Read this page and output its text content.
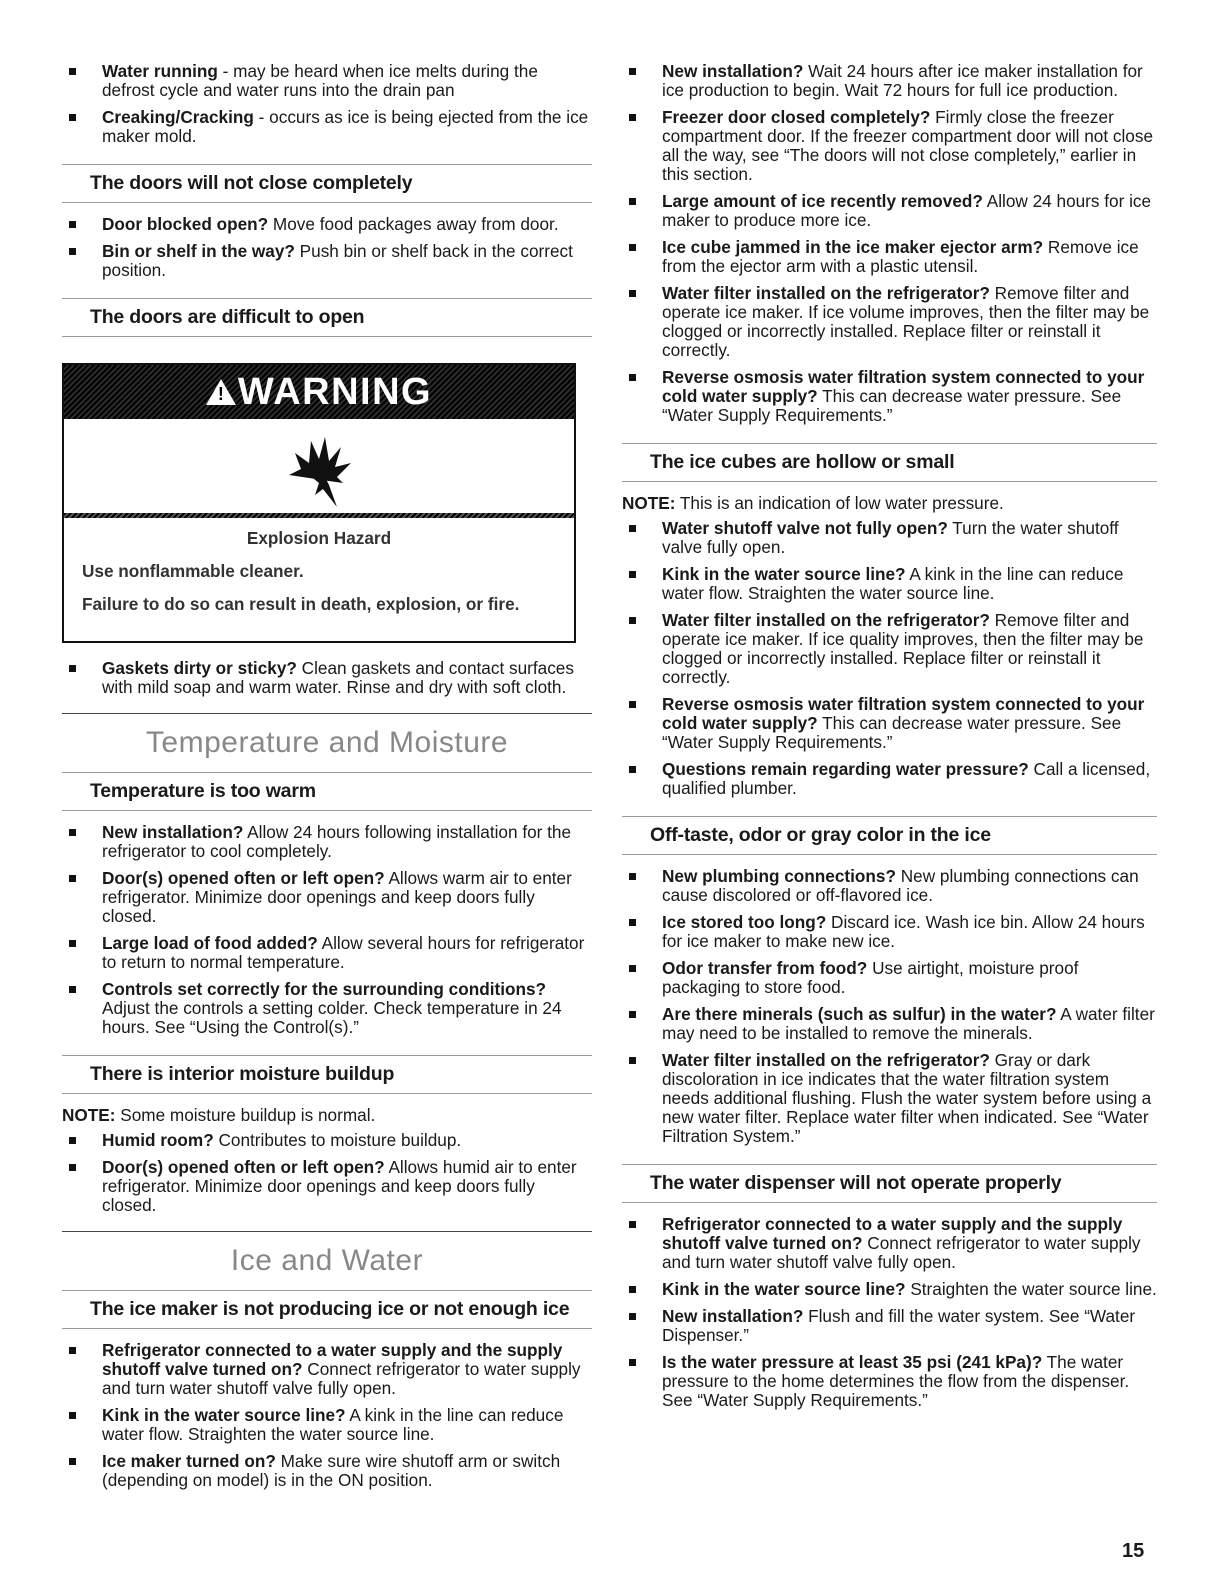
Water running - may be heard when ice melts during the defrost cycle and water runs into the drain pan
Creaking/Cracking - occurs as ice is being ejected from the ice maker mold.
The doors will not close completely
Door blocked open? Move food packages away from door.
Bin or shelf in the way? Push bin or shelf back in the correct position.
The doors are difficult to open
! WARNING

Explosion Hazard

Use nonflammable cleaner.

Failure to do so can result in death, explosion, or fire.

Gaskets dirty or sticky? Clean gaskets and contact surfaces with mild soap and warm water. Rinse and dry with soft cloth.
Temperature and Moisture
Temperature is too warm
New installation? Allow 24 hours following installation for the refrigerator to cool completely.
Door(s) opened often or left open? Allows warm air to enter refrigerator. Minimize door openings and keep doors fully closed.
Large load of food added? Allow several hours for refrigerator to return to normal temperature.
Controls set correctly for the surrounding conditions? Adjust the controls a setting colder. Check temperature in 24 hours. See “Using the Control(s).”
There is interior moisture buildup

NOTE: Some moisture buildup is normal.

Humid room? Contributes to moisture buildup.
Door(s) opened often or left open? Allows humid air to enter refrigerator. Minimize door openings and keep doors fully closed.
Ice and Water
The ice maker is not producing ice or not enough ice
Refrigerator connected to a water supply and the supply shutoff valve turned on? Connect refrigerator to water supply and turn water shutoff valve fully open.
Kink in the water source line? A kink in the line can reduce water flow. Straighten the water source line.
Ice maker turned on? Make sure wire shutoff arm or switch (depending on model) is in the ON position.
New installation? Wait 24 hours after ice maker installation for ice production to begin. Wait 72 hours for full ice production.
Freezer door closed completely? Firmly close the freezer compartment door. If the freezer compartment door will not close all the way, see “The doors will not close completely,” earlier in this section.
Large amount of ice recently removed? Allow 24 hours for ice maker to produce more ice.
Ice cube jammed in the ice maker ejector arm? Remove ice from the ejector arm with a plastic utensil.
Water filter installed on the refrigerator? Remove filter and operate ice maker. If ice volume improves, then the filter may be clogged or incorrectly installed. Replace filter or reinstall it correctly.
Reverse osmosis water filtration system connected to your cold water supply? This can decrease water pressure. See “Water Supply Requirements.”
The ice cubes are hollow or small

NOTE: This is an indication of low water pressure.

Water shutoff valve not fully open? Turn the water shutoff valve fully open.
Kink in the water source line? A kink in the line can reduce water flow. Straighten the water source line.
Water filter installed on the refrigerator? Remove filter and operate ice maker. If ice quality improves, then the filter may be clogged or incorrectly installed. Replace filter or reinstall it correctly.
Reverse osmosis water filtration system connected to your cold water supply? This can decrease water pressure. See “Water Supply Requirements.”
Questions remain regarding water pressure? Call a licensed, qualified plumber.
Off-taste, odor or gray color in the ice
New plumbing connections? New plumbing connections can cause discolored or off-flavored ice.
Ice stored too long? Discard ice. Wash ice bin. Allow 24 hours for ice maker to make new ice.
Odor transfer from food? Use airtight, moisture proof packaging to store food.
Are there minerals (such as sulfur) in the water? A water filter may need to be installed to remove the minerals.
Water filter installed on the refrigerator? Gray or dark discoloration in ice indicates that the water filtration system needs additional flushing. Flush the water system before using a new water filter. Replace water filter when indicated. See “Water Filtration System.”
The water dispenser will not operate properly
Refrigerator connected to a water supply and the supply shutoff valve turned on? Connect refrigerator to water supply and turn water shutoff valve fully open.
Kink in the water source line? Straighten the water source line.
New installation? Flush and fill the water system. See “Water Dispenser.”
Is the water pressure at least 35 psi (241 kPa)? The water pressure to the home determines the flow from the dispenser. See “Water Supply Requirements.”
15
